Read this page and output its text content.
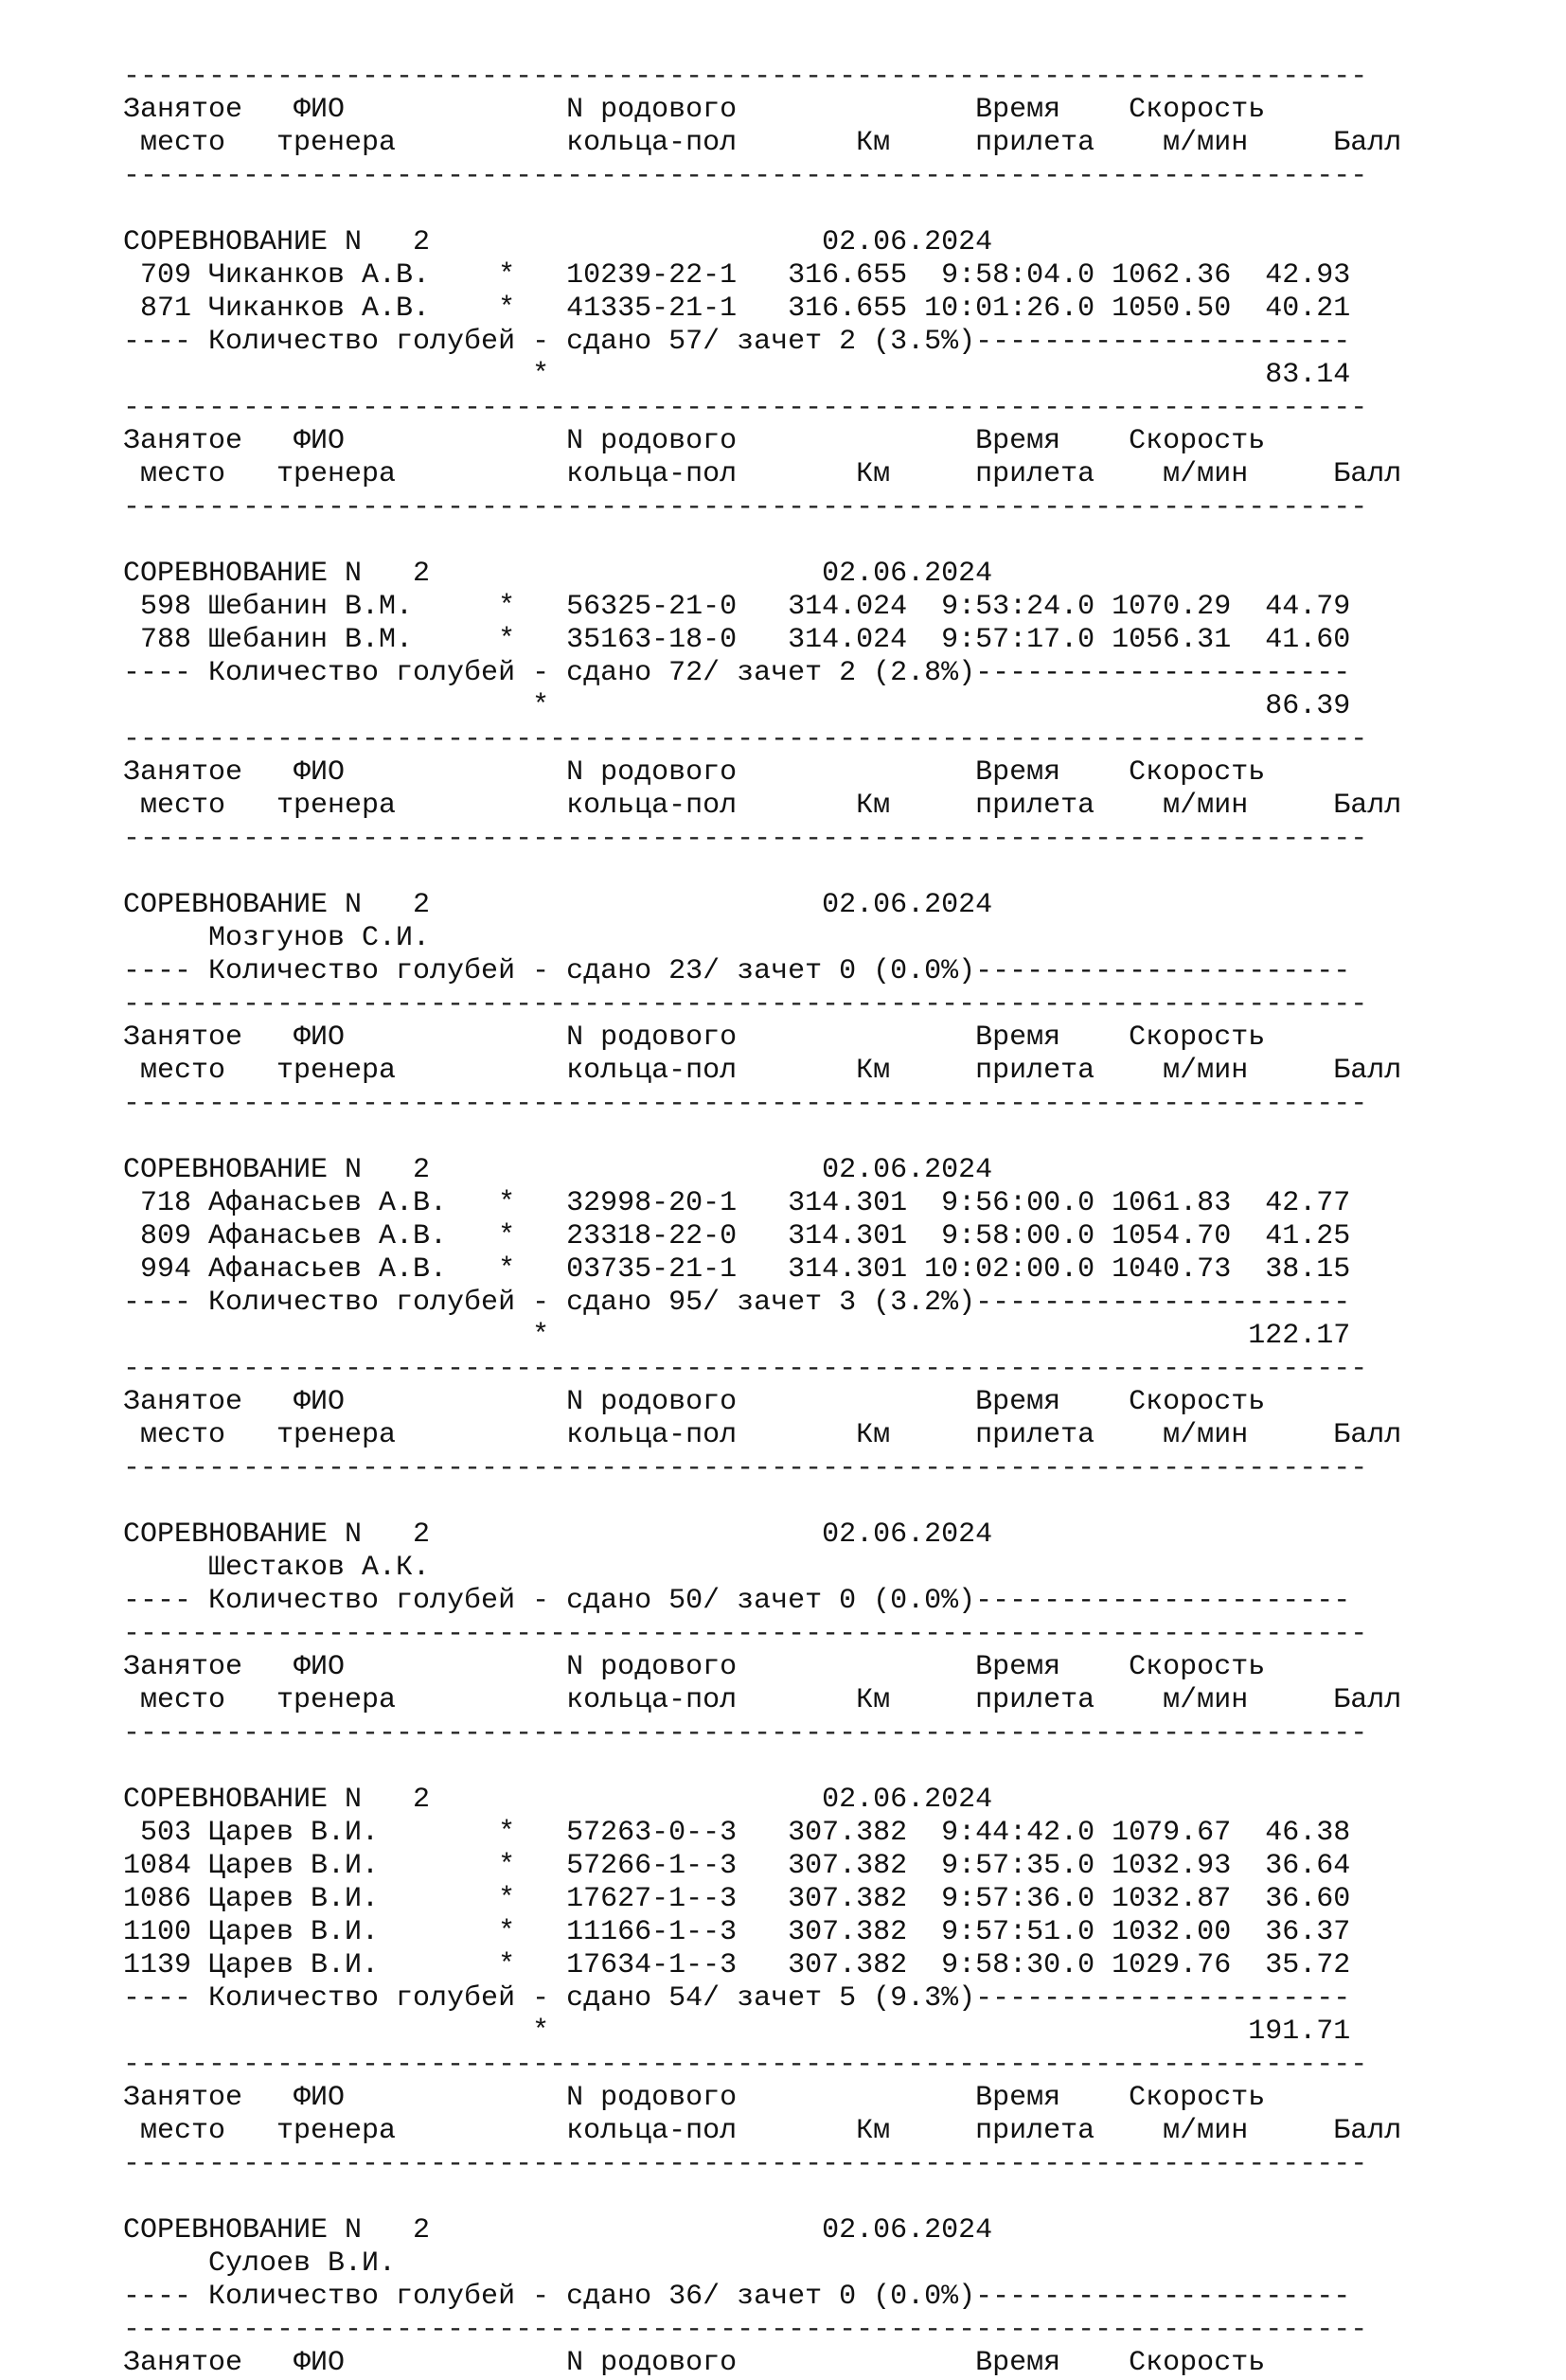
-------------------------------------------------------------------------
Занятое   ФИО             N родового              Время    Скорость
место   тренера          кольца-пол       Км     прилета    м/мин     Балл
-------------------------------------------------------------------------
СОРЕВНОВАНИЕ N   2                       02.06.2024
709 Чиканков А.В.    *   10239-22-1   316.655  9:58:04.0 1062.36  42.93
871 Чиканков А.В.    *   41335-21-1   316.655 10:01:26.0 1050.50  40.21
---- Количество голубей - сдано 57/ зачет 2 (3.5%)----------------------
*                                          83.14
-------------------------------------------------------------------------
Занятое   ФИО             N родового              Время    Скорость
место   тренера          кольца-пол       Км     прилета    м/мин     Балл
-------------------------------------------------------------------------
СОРЕВНОВАНИЕ N   2                       02.06.2024
598 Шебанин В.М.     *   56325-21-0   314.024  9:53:24.0 1070.29  44.79
788 Шебанин В.М.     *   35163-18-0   314.024  9:57:17.0 1056.31  41.60
---- Количество голубей - сдано 72/ зачет 2 (2.8%)----------------------
*                                          86.39
-------------------------------------------------------------------------
Занятое   ФИО             N родового              Время    Скорость
место   тренера          кольца-пол       Км     прилета    м/мин     Балл
-------------------------------------------------------------------------
СОРЕВНОВАНИЕ N   2                       02.06.2024
Мозгунов С.И.
---- Количество голубей - сдано 23/ зачет 0 (0.0%)----------------------
-------------------------------------------------------------------------
Занятое   ФИО             N родового              Время    Скорость
место   тренера          кольца-пол       Км     прилета    м/мин     Балл
-------------------------------------------------------------------------
СОРЕВНОВАНИЕ N   2                       02.06.2024
718 Афанасьев А.В.   *   32998-20-1   314.301  9:56:00.0 1061.83  42.77
809 Афанасьев А.В.   *   23318-22-0   314.301  9:58:00.0 1054.70  41.25
994 Афанасьев А.В.   *   03735-21-1   314.301 10:02:00.0 1040.73  38.15
---- Количество голубей - сдано 95/ зачет 3 (3.2%)----------------------
*                                         122.17
-------------------------------------------------------------------------
Занятое   ФИО             N родового              Время    Скорость
место   тренера          кольца-пол       Км     прилета    м/мин     Балл
-------------------------------------------------------------------------
СОРЕВНОВАНИЕ N   2                       02.06.2024
Шестаков А.К.
---- Количество голубей - сдано 50/ зачет 0 (0.0%)----------------------
-------------------------------------------------------------------------
Занятое   ФИО             N родового              Время    Скорость
место   тренера          кольца-пол       Км     прилета    м/мин     Балл
-------------------------------------------------------------------------
СОРЕВНОВАНИЕ N   2                       02.06.2024
503 Царев В.И.       *   57263-0--3   307.382  9:44:42.0 1079.67  46.38
1084 Царев В.И.       *   57266-1--3   307.382  9:57:35.0 1032.93  36.64
1086 Царев В.И.       *   17627-1--3   307.382  9:57:36.0 1032.87  36.60
1100 Царев В.И.       *   11166-1--3   307.382  9:57:51.0 1032.00  36.37
1139 Царев В.И.       *   17634-1--3   307.382  9:58:30.0 1029.76  35.72
---- Количество голубей - сдано 54/ зачет 5 (9.3%)----------------------
*                                         191.71
-------------------------------------------------------------------------
Занятое   ФИО             N родового              Время    Скорость
место   тренера          кольца-пол       Км     прилета    м/мин     Балл
-------------------------------------------------------------------------
СОРЕВНОВАНИЕ N   2                       02.06.2024
Сулоев В.И.
---- Количество голубей - сдано 36/ зачет 0 (0.0%)----------------------
-------------------------------------------------------------------------
Занятое   ФИО             N родового              Время    Скорость
